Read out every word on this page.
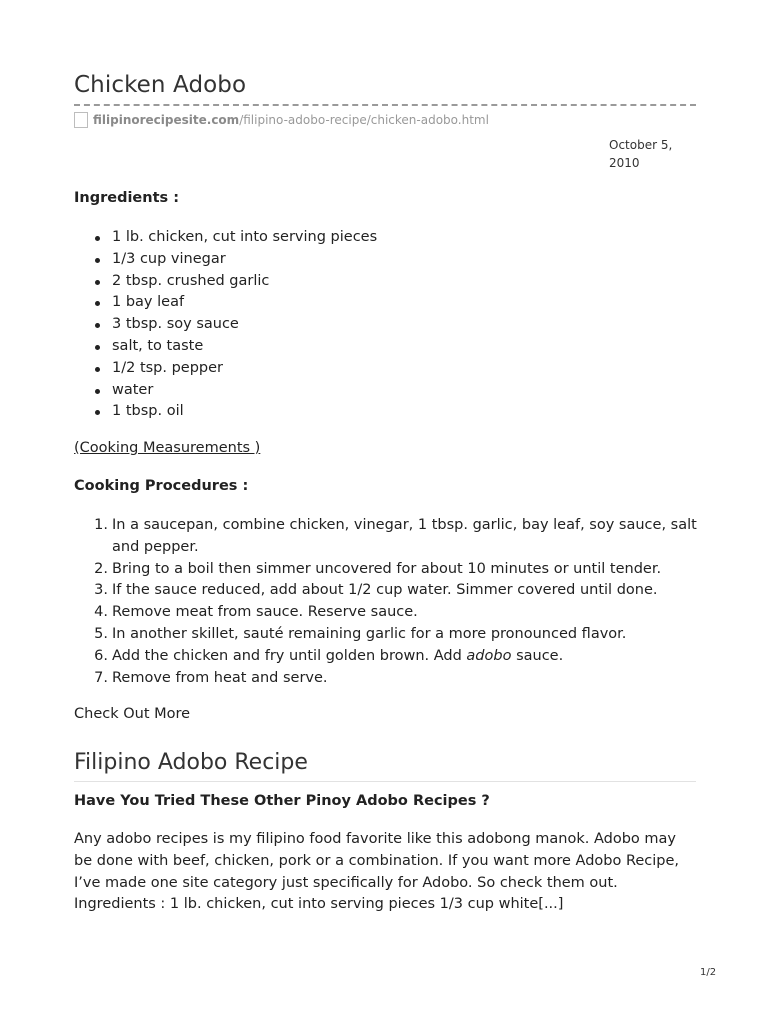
Chicken Adobo
filipinorecipesite.com /filipino-adobo-recipe/chicken-adobo.html
October 5, 2010
Ingredients :
1 lb. chicken, cut into serving pieces
1/3 cup vinegar
2 tbsp. crushed garlic
1 bay leaf
3 tbsp. soy sauce
salt, to taste
1/2 tsp. pepper
water
1 tbsp. oil
(Cooking Measurements )
Cooking Procedures :
1. In a saucepan, combine chicken, vinegar, 1 tbsp. garlic, bay leaf, soy sauce, salt and pepper.
2. Bring to a boil then simmer uncovered for about 10 minutes or until tender.
3. If the sauce reduced, add about 1/2 cup water. Simmer covered until done.
4. Remove meat from sauce. Reserve sauce.
5. In another skillet, sauté remaining garlic for a more pronounced flavor.
6. Add the chicken and fry until golden brown. Add adobo sauce.
7. Remove from heat and serve.
Check Out More
Filipino Adobo Recipe
Have You Tried These Other Pinoy Adobo Recipes ?

Any adobo recipes is my filipino food favorite like this adobong manok. Adobo may be done with beef, chicken, pork or a combination. If you want more Adobo Recipe, I’ve made one site category just specifically for Adobo. So check them out. Ingredients : 1 lb. chicken, cut into serving pieces 1/3 cup white[...]

1/2
